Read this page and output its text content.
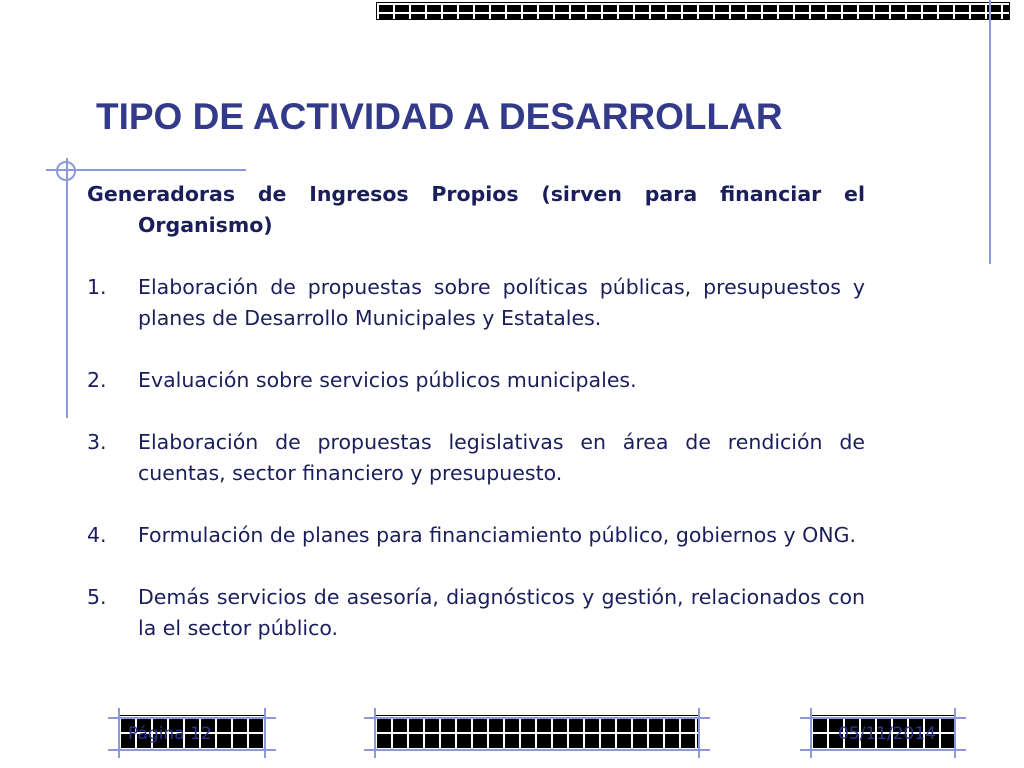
TIPO DE ACTIVIDAD A DESARROLLAR

Generadoras de Ingresos Propios (sirven para financiar el Organismo)

1.	Elaboración de propuestas sobre políticas públicas, presupuestos y planes de Desarrollo Municipales y Estatales.
2.	Evaluación sobre servicios públicos municipales.
3.	Elaboración de propuestas legislativas en área de rendición de cuentas, sector financiero y presupuesto.
4.	Formulación de planes para financiamiento público, gobiernos y ONG.
5.	Demás servicios de asesoría, diagnósticos y gestión, relacionados con la el sector público.
Página 12	05/11/2014
